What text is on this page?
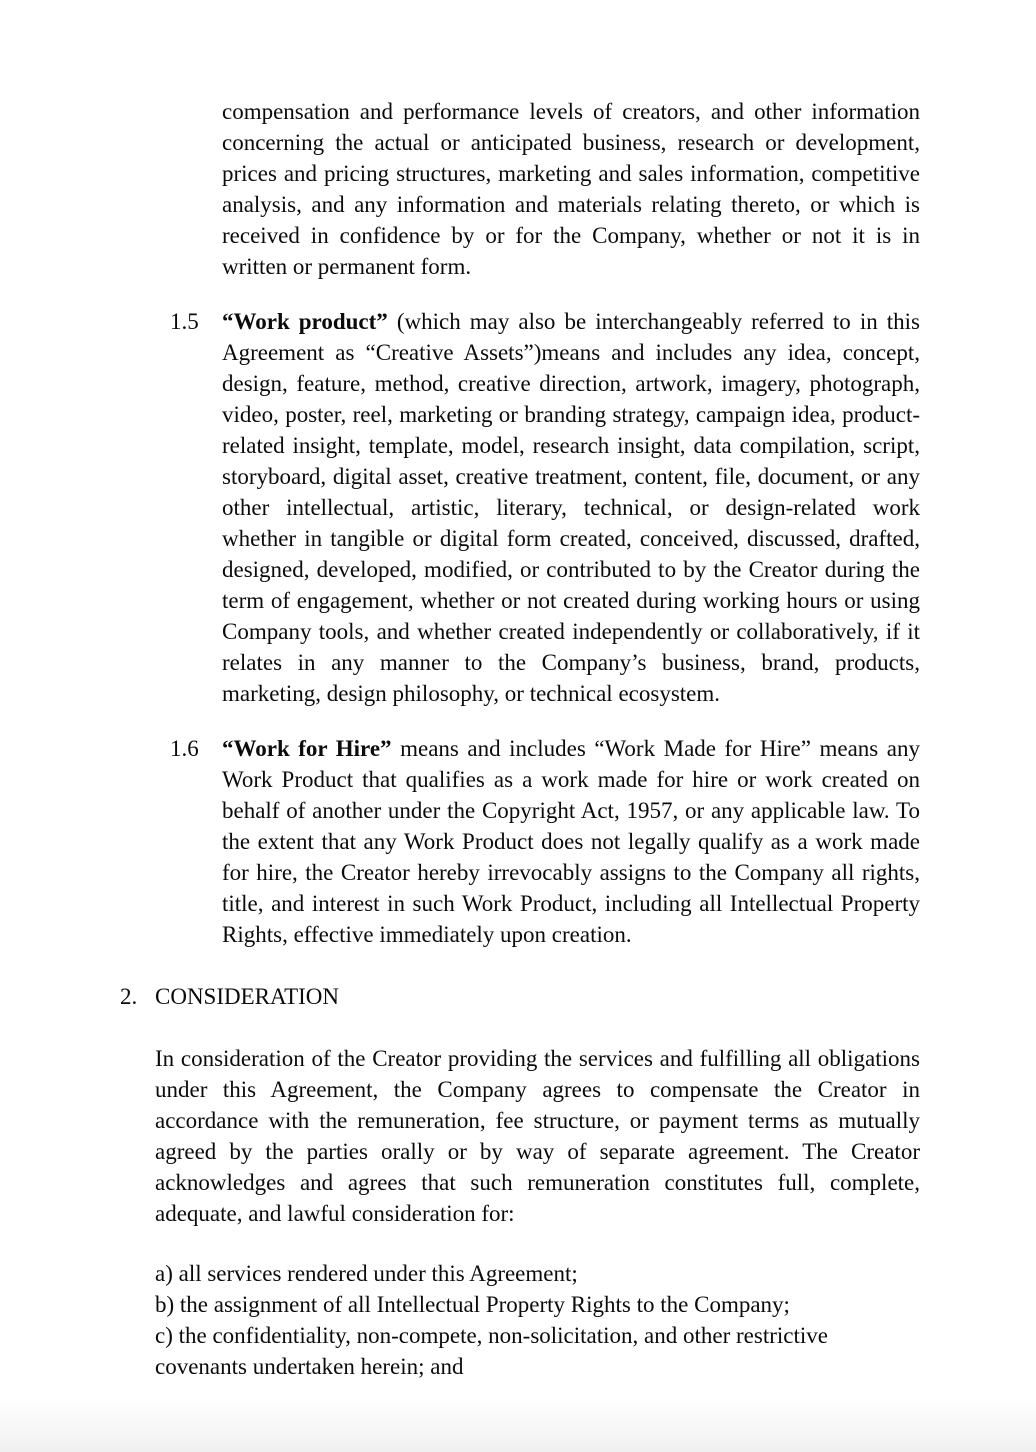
compensation and performance levels of creators, and other information concerning the actual or anticipated business, research or development, prices and pricing structures, marketing and sales information, competitive analysis, and any information and materials relating thereto, or which is received in confidence by or for the Company, whether or not it is in written or permanent form.

1.5 “Work product” (which may also be interchangeably referred to in this Agreement as “Creative Assets”)means and includes any idea, concept, design, feature, method, creative direction, artwork, imagery, photograph, video, poster, reel, marketing or branding strategy, campaign idea, product-related insight, template, model, research insight, data compilation, script, storyboard, digital asset, creative treatment, content, file, document, or any other intellectual, artistic, literary, technical, or design-related work whether in tangible or digital form created, conceived, discussed, drafted, designed, developed, modified, or contributed to by the Creator during the term of engagement, whether or not created during working hours or using Company tools, and whether created independently or collaboratively, if it relates in any manner to the Company’s business, brand, products, marketing, design philosophy, or technical ecosystem.

1.6 “Work for Hire” means and includes “Work Made for Hire” means any Work Product that qualifies as a work made for hire or work created on behalf of another under the Copyright Act, 1957, or any applicable law. To the extent that any Work Product does not legally qualify as a work made for hire, the Creator hereby irrevocably assigns to the Company all rights, title, and interest in such Work Product, including all Intellectual Property Rights, effective immediately upon creation.

2. CONSIDERATION

In consideration of the Creator providing the services and fulfilling all obligations under this Agreement, the Company agrees to compensate the Creator in accordance with the remuneration, fee structure, or payment terms as mutually agreed by the parties orally or by way of separate agreement. The Creator acknowledges and agrees that such remuneration constitutes full, complete, adequate, and lawful consideration for:

a) all services rendered under this Agreement;

b) the assignment of all Intellectual Property Rights to the Company;

c) the confidentiality, non-compete, non-solicitation, and other restrictive covenants undertaken herein; and
